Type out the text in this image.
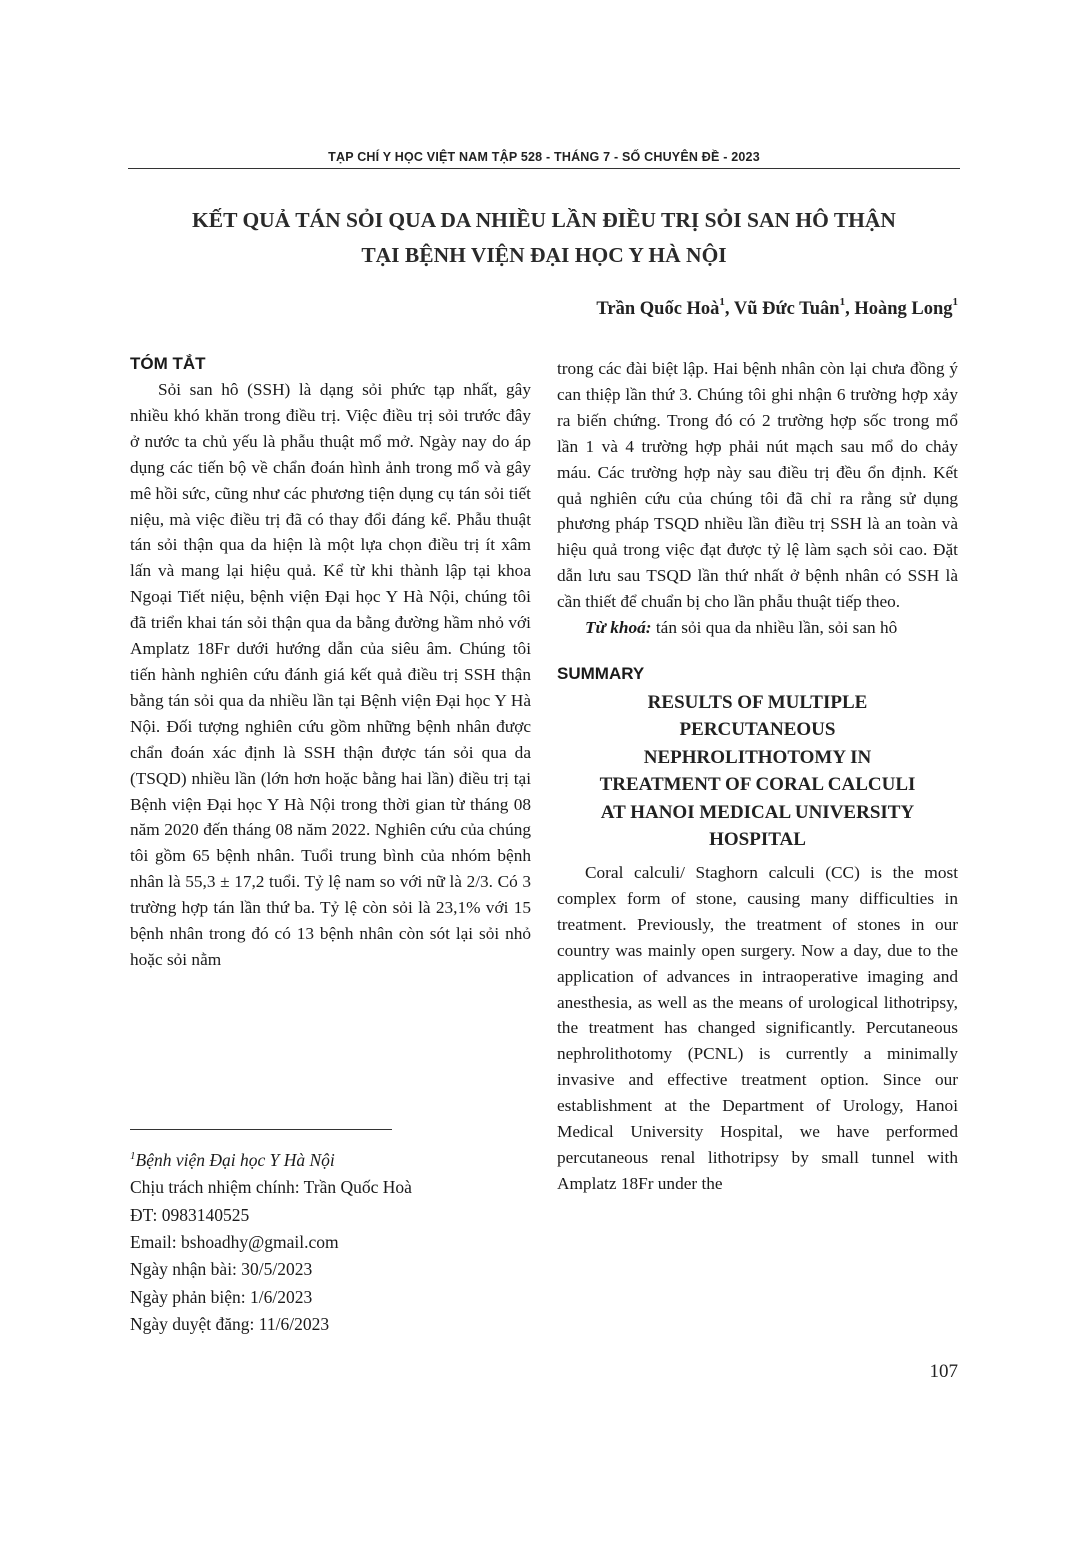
TẠP CHÍ Y HỌC VIỆT NAM TẬP 528 - THÁNG 7 - SỐ CHUYÊN ĐỀ - 2023
KẾT QUẢ TÁN SỎI QUA DA NHIỀU LẦN ĐIỀU TRỊ SỎI SAN HÔ THẬN
TẠI BỆNH VIỆN ĐẠI HỌC Y HÀ NỘI
Trần Quốc Hoà$^1$, Vũ Đức Tuân$^1$, Hoàng Long$^1$

TÓM TẮT

Sỏi san hô (SSH) là dạng sỏi phức tạp nhất, gây nhiều khó khăn trong điều trị. Việc điều trị sỏi trước đây ở nước ta chủ yếu là phẫu thuật mổ mở. Ngày nay do áp dụng các tiến bộ về chẩn đoán hình ảnh trong mổ và gây mê hồi sức, cũng như các phương tiện dụng cụ tán sỏi tiết niệu, mà việc điều trị đã có thay đổi đáng kể. Phẫu thuật tán sỏi thận qua da hiện là một lựa chọn điều trị ít xâm lấn và mang lại hiệu quả. Kể từ khi thành lập tại khoa Ngoại Tiết niệu, bệnh viện Đại học Y Hà Nội, chúng tôi đã triển khai tán sỏi thận qua da bằng đường hầm nhỏ với Amplatz 18Fr dưới hướng dẫn của siêu âm. Chúng tôi tiến hành nghiên cứu đánh giá kết quả điều trị SSH thận bằng tán sỏi qua da nhiều lần tại Bệnh viện Đại học Y Hà Nội. Đối tượng nghiên cứu gồm những bệnh nhân được chẩn đoán xác định là SSH thận được tán sỏi qua da (TSQD) nhiều lần (lớn hơn hoặc bằng hai lần) điều trị tại Bệnh viện Đại học Y Hà Nội trong thời gian từ tháng 08 năm 2020 đến tháng 08 năm 2022. Nghiên cứu của chúng tôi gồm 65 bệnh nhân. Tuổi trung bình của nhóm bệnh nhân là 55,3 ± 17,2 tuổi. Tỷ lệ nam so với nữ là 2/3. Có 3 trường hợp tán lần thứ ba. Tỷ lệ còn sỏi là 23,1% với 15 bệnh nhân trong đó có 13 bệnh nhân còn sót lại sỏi nhỏ hoặc sỏi nằm

trong các đài biệt lập. Hai bệnh nhân còn lại chưa đồng ý can thiệp lần thứ 3. Chúng tôi ghi nhận 6 trường hợp xảy ra biến chứng. Trong đó có 2 trường hợp sốc trong mổ lần 1 và 4 trường hợp phải nút mạch sau mổ do chảy máu. Các trường hợp này sau điều trị đều ổn định. Kết quả nghiên cứu của chúng tôi đã chỉ ra rằng sử dụng phương pháp TSQD nhiều lần điều trị SSH là an toàn và hiệu quả trong việc đạt được tỷ lệ làm sạch sỏi cao. Đặt dẫn lưu sau TSQD lần thứ nhất ở bệnh nhân có SSH là cần thiết để chuẩn bị cho lần phẫu thuật tiếp theo.

Từ khoá: tán sỏi qua da nhiều lần, sỏi san hô

SUMMARY

RESULTS OF MULTIPLE
PERCUTANEOUS
NEPHROLITHOTOMY IN
TREATMENT OF CORAL CALCULI
AT HANOI MEDICAL UNIVERSITY
HOSPITAL

Coral calculi/ Staghorn calculi (CC) is the most complex form of stone, causing many difficulties in treatment. Previously, the treatment of stones in our country was mainly open surgery. Now a day, due to the application of advances in intraoperative imaging and anesthesia, as well as the means of urological lithotripsy, the treatment has changed significantly. Percutaneous nephrolithotomy (PCNL) is currently a minimally invasive and effective treatment option. Since our establishment at the Department of Urology, Hanoi Medical University Hospital, we have performed percutaneous renal lithotripsy by small tunnel with Amplatz 18Fr under the

$^1$Bệnh viện Đại học Y Hà Nội
Chịu trách nhiệm chính: Trần Quốc Hoà
ĐT: 0983140525
Email: bshoadhy@gmail.com
Ngày nhận bài: 30/5/2023
Ngày phản biện: 1/6/2023
Ngày duyệt đăng: 11/6/2023
107
